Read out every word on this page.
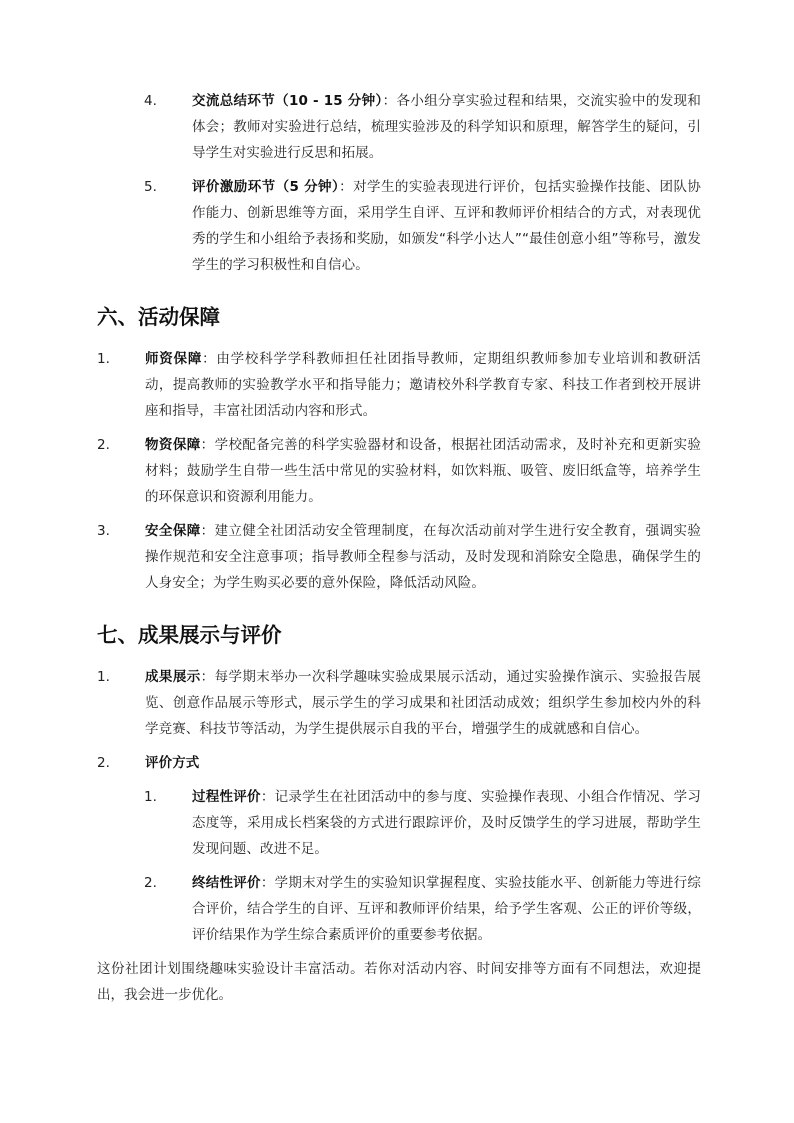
4.	交流总结环节（10 - 15 分钟）：各小组分享实验过程和结果，交流实验中的发现和体会；教师对实验进行总结，梳理实验涉及的科学知识和原理，解答学生的疑问，引导学生对实验进行反思和拓展。
5.	评价激励环节（5 分钟）：对学生的实验表现进行评价，包括实验操作技能、团队协作能力、创新思维等方面，采用学生自评、互评和教师评价相结合的方式，对表现优秀的学生和小组给予表扬和奖励，如颁发“科学小达人”“最佳创意小组”等称号，激发学生的学习积极性和自信心。
六、活动保障
1.	师资保障：由学校科学学科教师担任社团指导教师，定期组织教师参加专业培训和教研活动，提高教师的实验教学水平和指导能力；邀请校外科学教育专家、科技工作者到校开展讲座和指导，丰富社团活动内容和形式。
2.	物资保障：学校配备完善的科学实验器材和设备，根据社团活动需求，及时补充和更新实验材料；鼓励学生自带一些生活中常见的实验材料，如饮料瓶、吸管、废旧纸盒等，培养学生的环保意识和资源利用能力。
3.	安全保障：建立健全社团活动安全管理制度，在每次活动前对学生进行安全教育，强调实验操作规范和安全注意事项；指导教师全程参与活动，及时发现和消除安全隐患，确保学生的人身安全；为学生购买必要的意外保险，降低活动风险。
七、成果展示与评价
1.	成果展示：每学期末举办一次科学趣味实验成果展示活动，通过实验操作演示、实验报告展览、创意作品展示等形式，展示学生的学习成果和社团活动成效；组织学生参加校内外的科学竞赛、科技节等活动，为学生提供展示自我的平台，增强学生的成就感和自信心。
2.	评价方式
1.	过程性评价：记录学生在社团活动中的参与度、实验操作表现、小组合作情况、学习态度等，采用成长档案袋的方式进行跟踪评价，及时反馈学生的学习进展，帮助学生发现问题、改进不足。
2.	终结性评价：学期末对学生的实验知识掌握程度、实验技能水平、创新能力等进行综合评价，结合学生的自评、互评和教师评价结果，给予学生客观、公正的评价等级，评价结果作为学生综合素质评价的重要参考依据。

这份社团计划围绕趣味实验设计丰富活动。若你对活动内容、时间安排等方面有不同想法，欢迎提出，我会进一步优化。
